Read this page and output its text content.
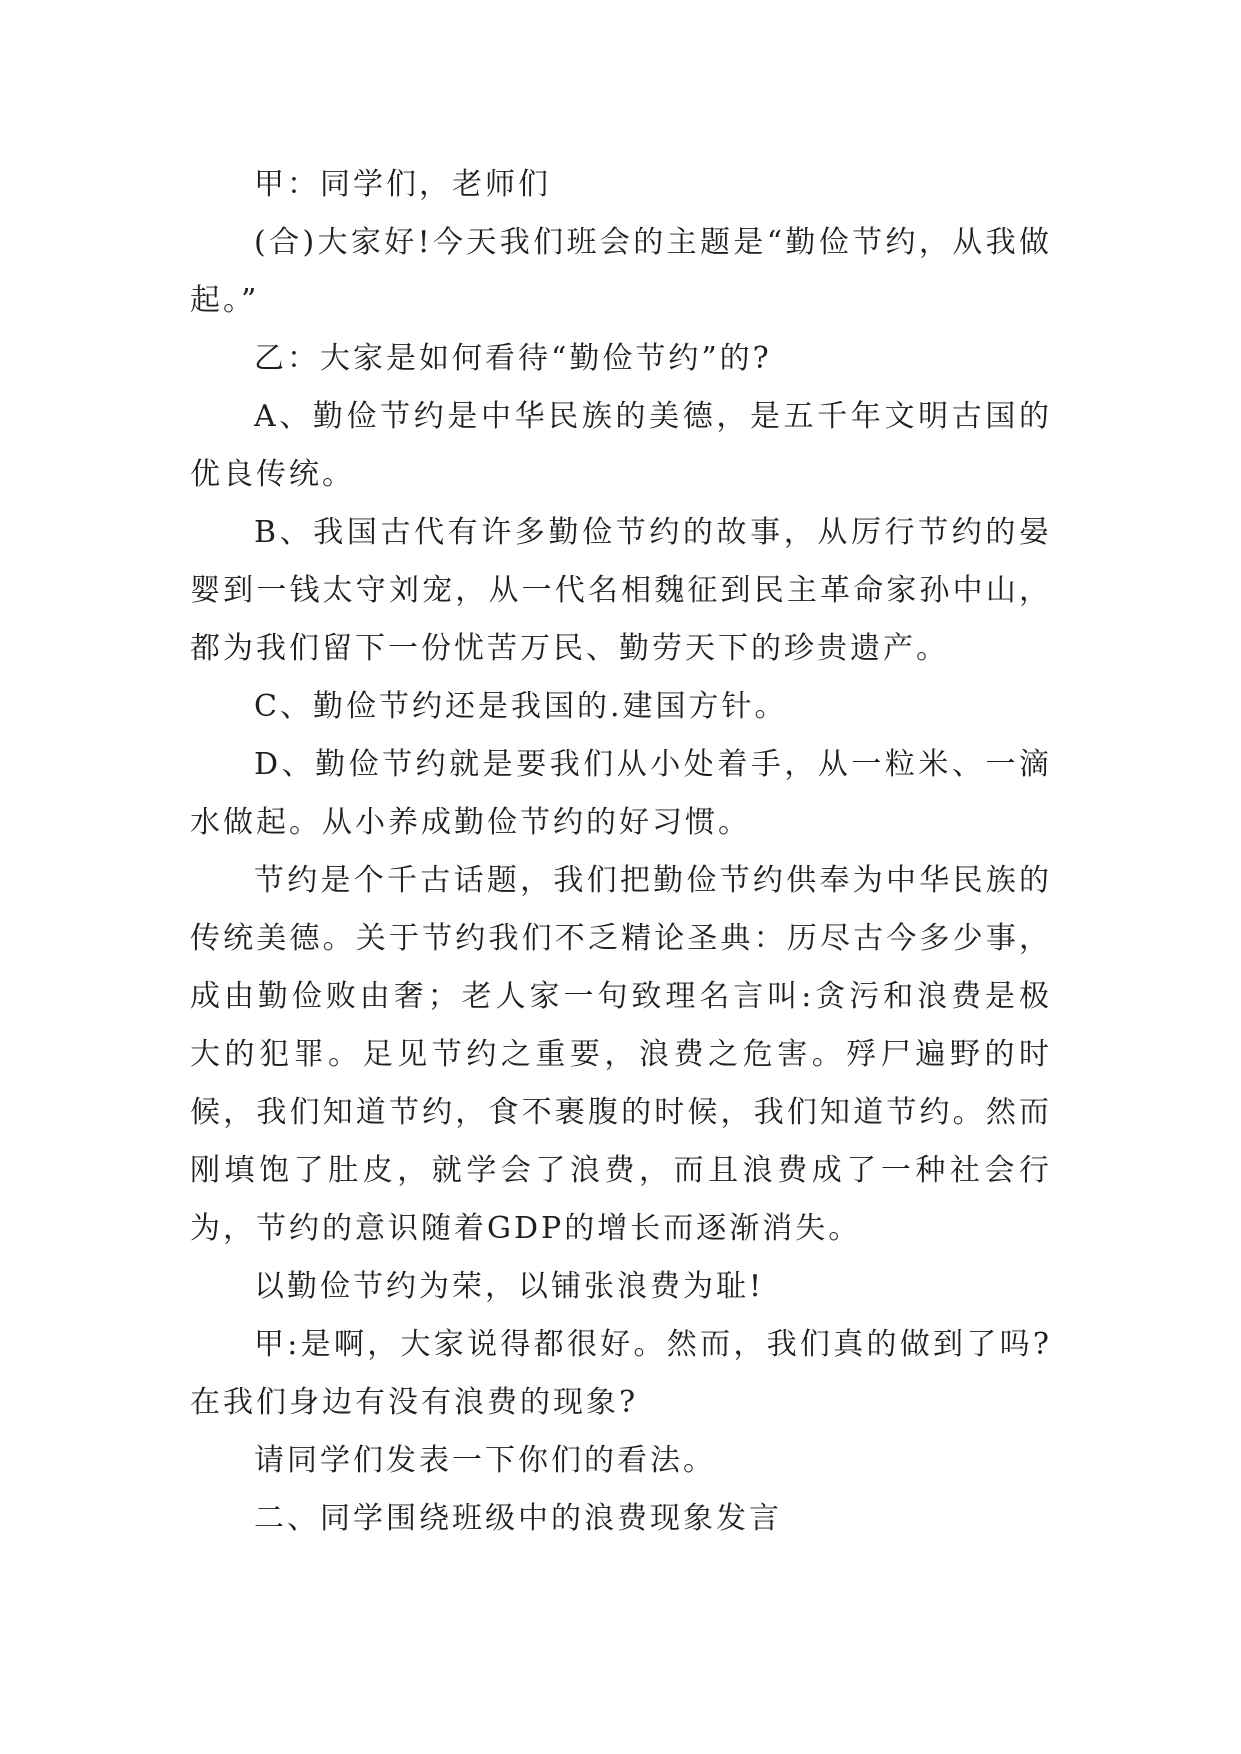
甲：同学们，老师们

(合)大家好!今天我们班会的主题是“勤俭节约，从我做起。”

乙：大家是如何看待“勤俭节约”的?

A、勤俭节约是中华民族的美德，是五千年文明古国的优良传统。

B、我国古代有许多勤俭节约的故事，从厉行节约的晏婴到一钱太守刘宠，从一代名相魏征到民主革命家孙中山，都为我们留下一份忧苦万民、勤劳天下的珍贵遗产。

C、勤俭节约还是我国的.建国方针。

D、勤俭节约就是要我们从小处着手，从一粒米、一滴水做起。从小养成勤俭节约的好习惯。

节约是个千古话题，我们把勤俭节约供奉为中华民族的传统美德。关于节约我们不乏精论圣典：历尽古今多少事，成由勤俭败由奢；老人家一句致理名言叫:贪污和浪费是极大的犯罪。足见节约之重要，浪费之危害。殍尸遍野的时候，我们知道节约，食不裹腹的时候，我们知道节约。然而刚填饱了肚皮，就学会了浪费，而且浪费成了一种社会行为，节约的意识随着GDP的增长而逐渐消失。

以勤俭节约为荣，以铺张浪费为耻!

甲:是啊，大家说得都很好。然而，我们真的做到了吗?在我们身边有没有浪费的现象?

请同学们发表一下你们的看法。

二、同学围绕班级中的浪费现象发言
